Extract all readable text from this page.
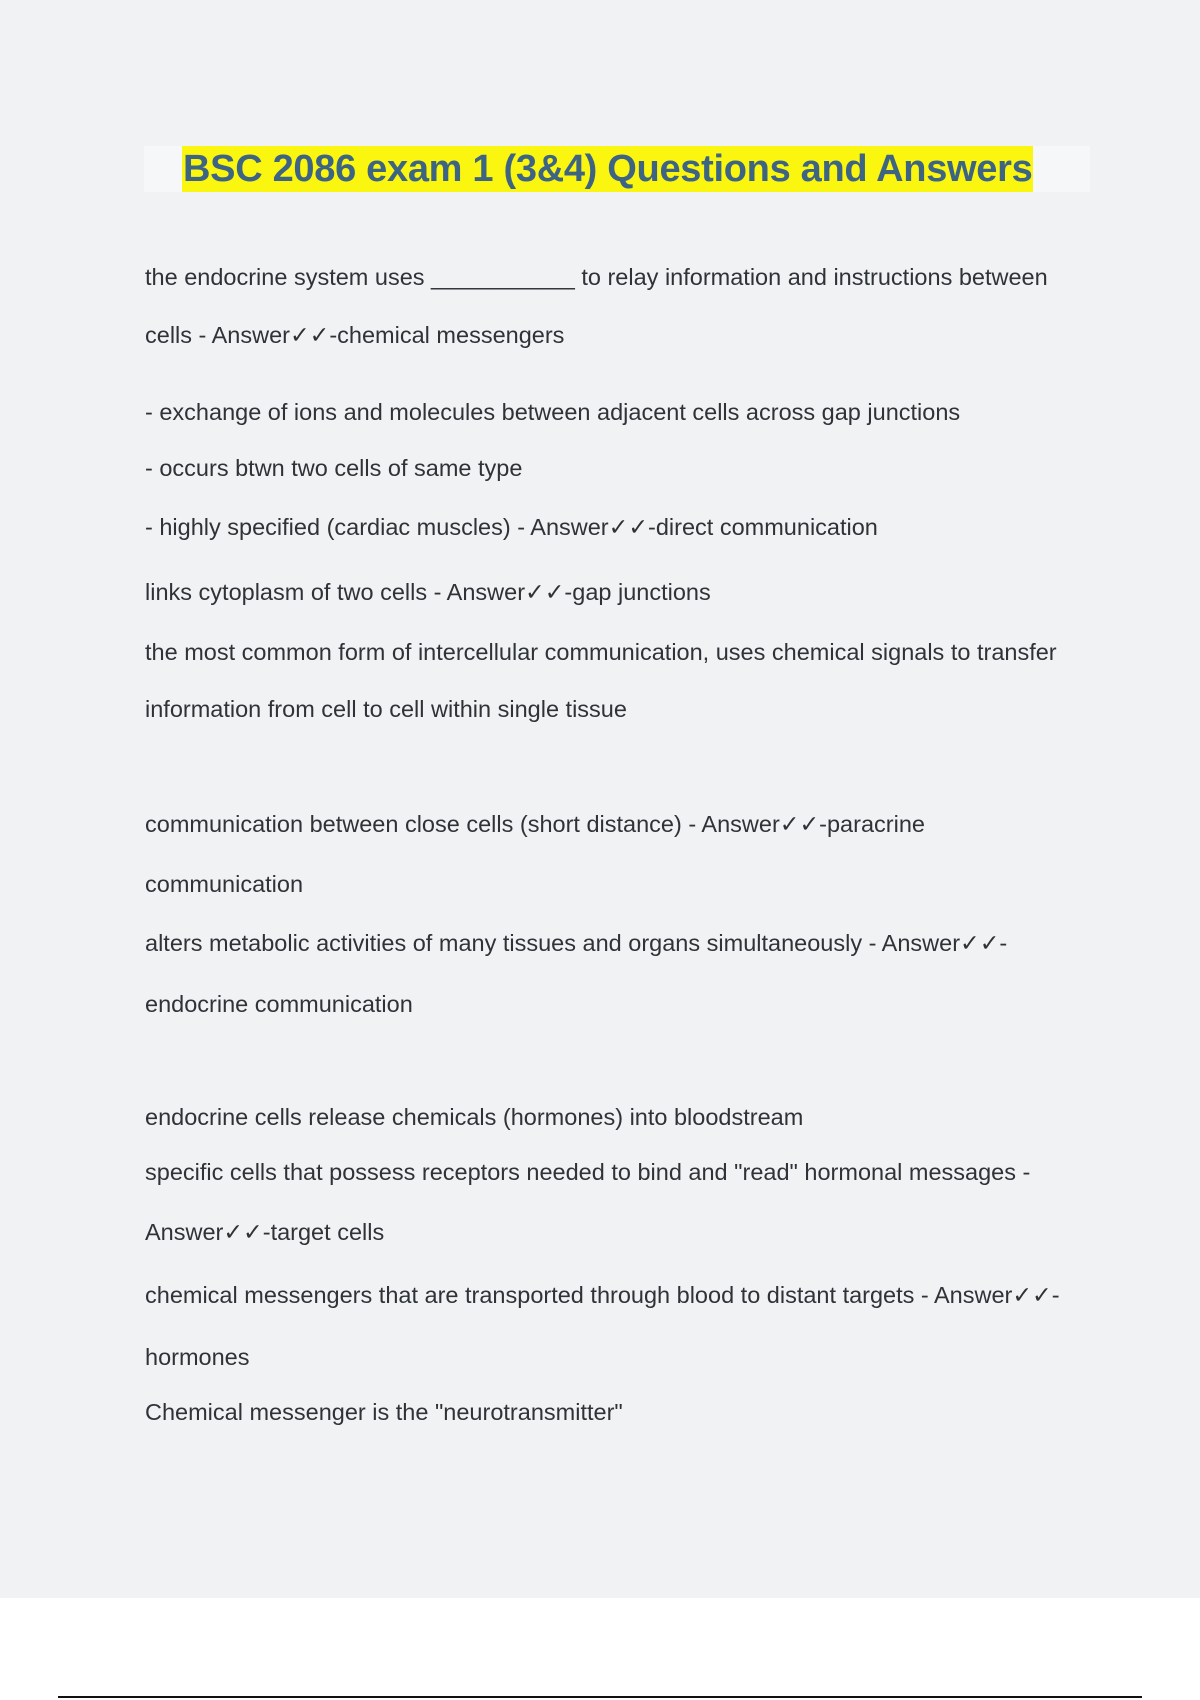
BSC 2086 exam 1 (3&4) Questions and Answers

the endocrine system uses ___________ to relay information and instructions between

cells - Answer✓✓-chemical messengers

- exchange of ions and molecules between adjacent cells across gap junctions

- occurs btwn two cells of same type

- highly specified (cardiac muscles) - Answer✓✓-direct communication

links cytoplasm of two cells - Answer✓✓-gap junctions

the most common form of intercellular communication, uses chemical signals to transfer

information from cell to cell within single tissue

communication between close cells (short distance) - Answer✓✓-paracrine

communication

alters metabolic activities of many tissues and organs simultaneously - Answer✓✓-

endocrine communication

endocrine cells release chemicals (hormones) into bloodstream

specific cells that possess receptors needed to bind and "read" hormonal messages -

Answer✓✓-target cells

chemical messengers that are transported through blood to distant targets - Answer✓✓-

hormones

Chemical messenger is the "neurotransmitter"
